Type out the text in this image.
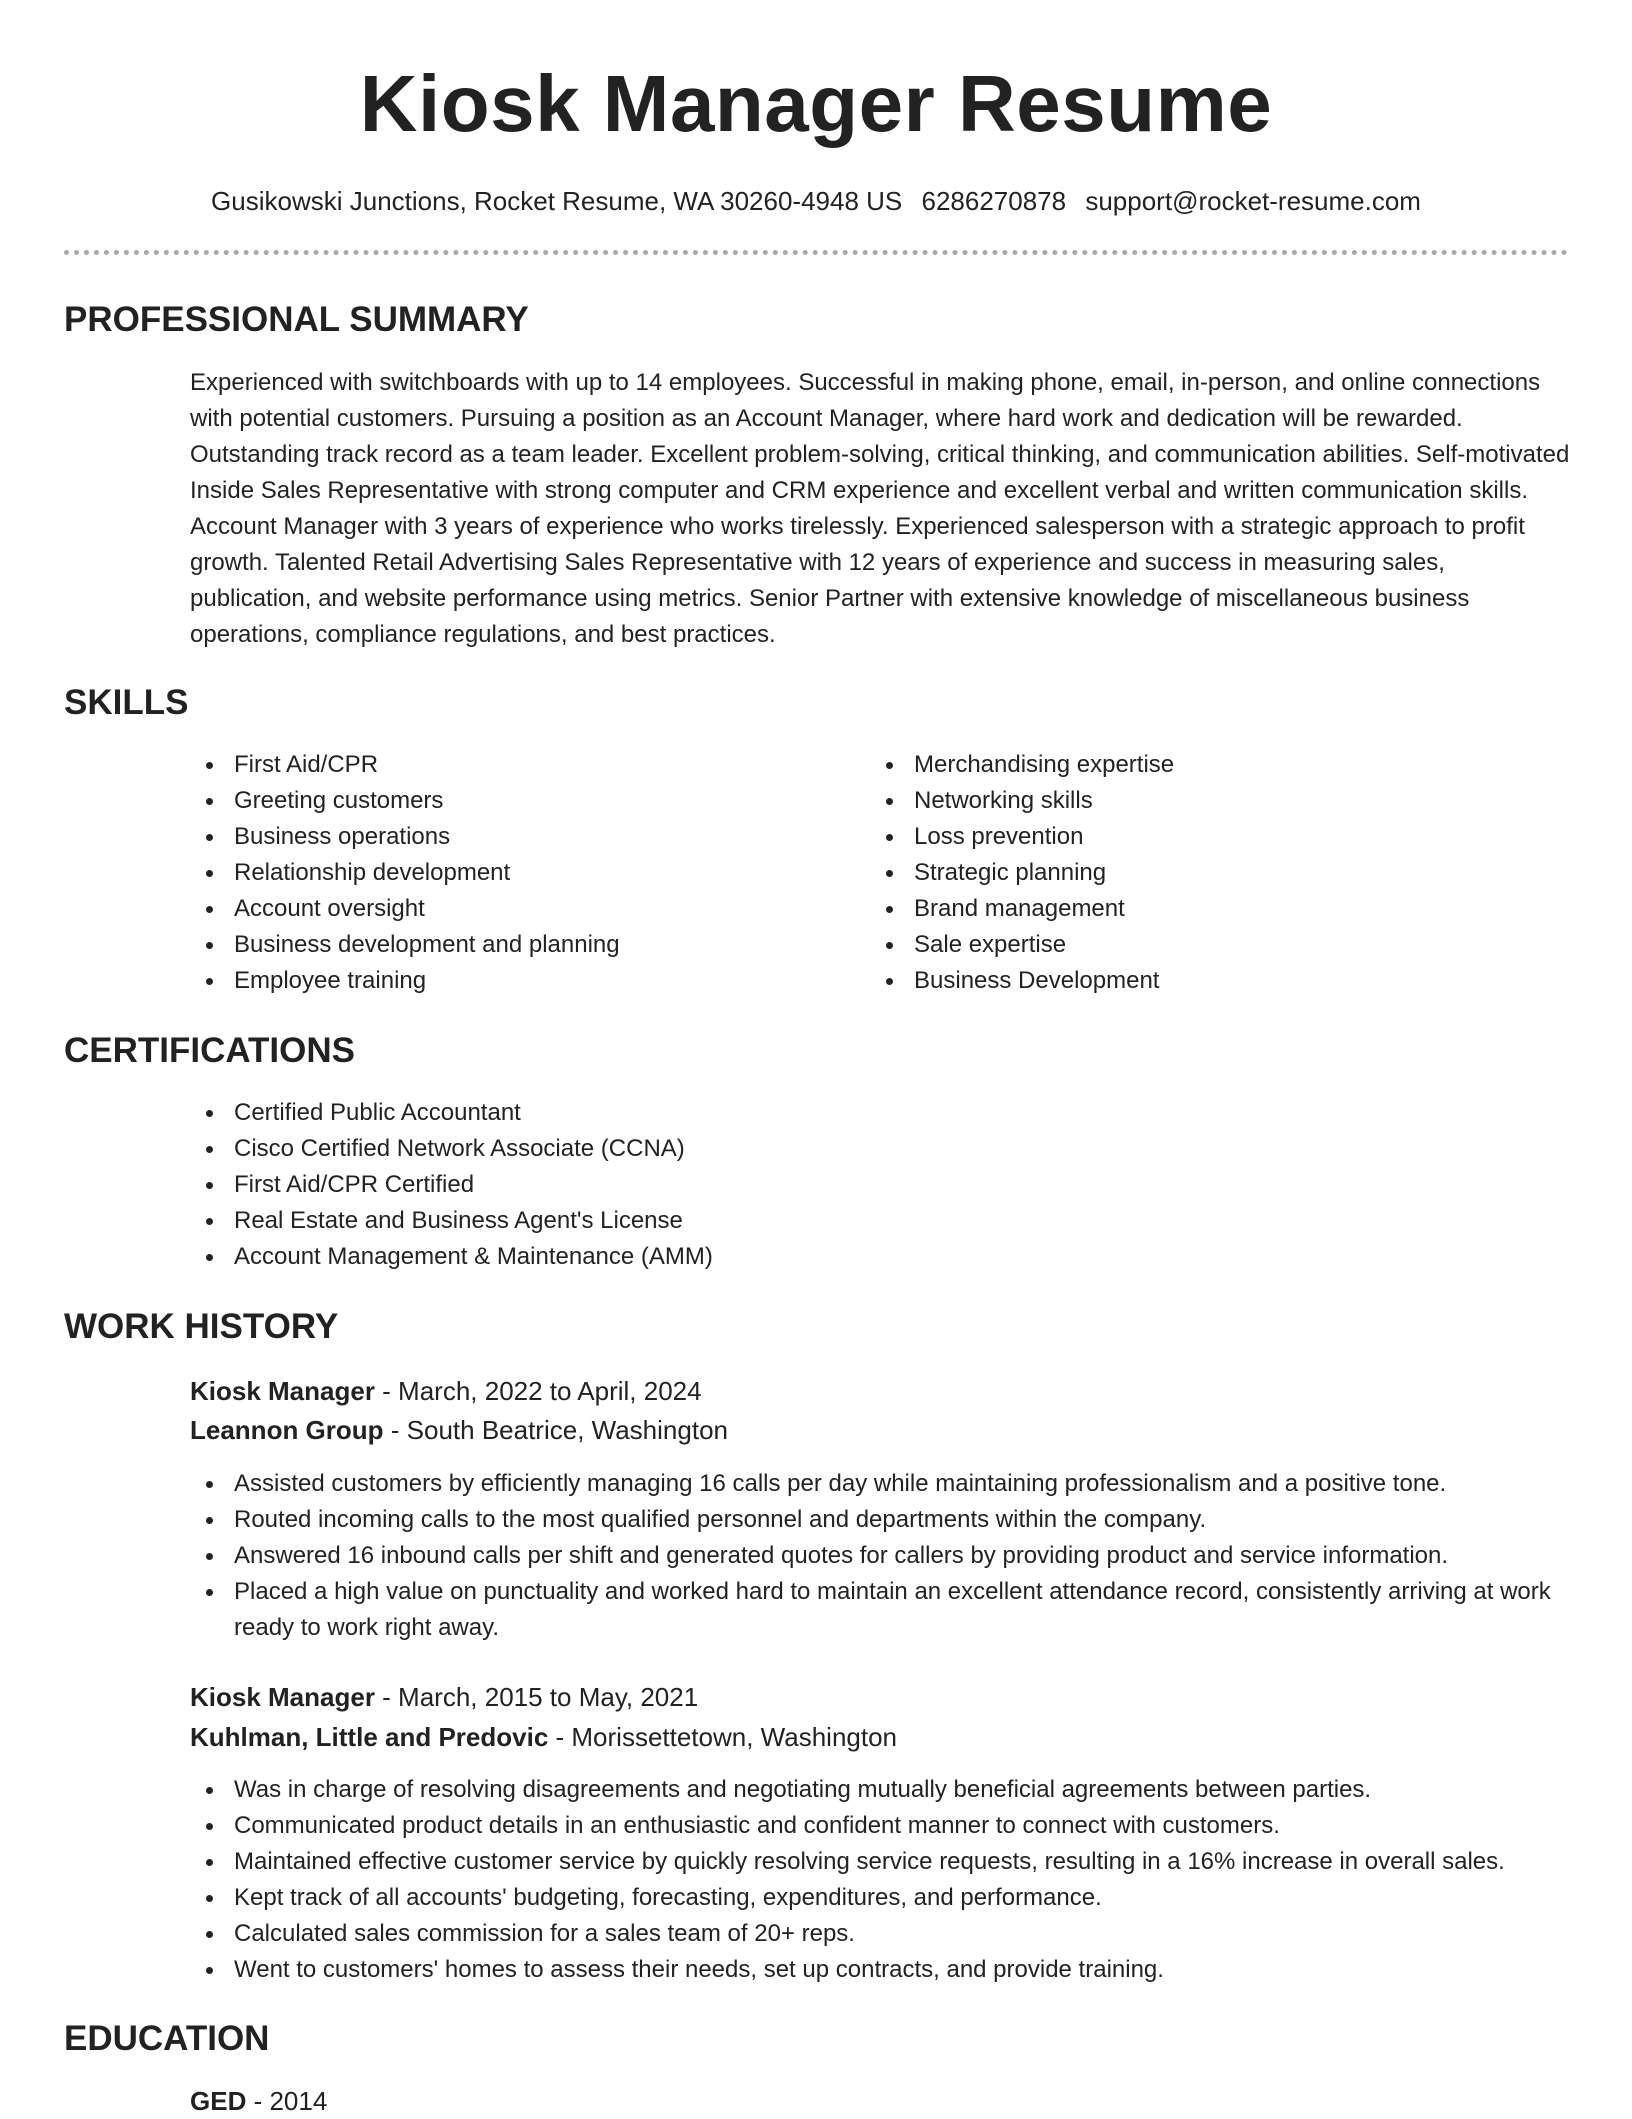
Kiosk Manager Resume
Gusikowski Junctions, Rocket Resume, WA 30260-4948 US 6286270878 support@rocket-resume.com
PROFESSIONAL SUMMARY

Experienced with switchboards with up to 14 employees. Successful in making phone, email, in-person, and online connections with potential customers. Pursuing a position as an Account Manager, where hard work and dedication will be rewarded. Outstanding track record as a team leader. Excellent problem-solving, critical thinking, and communication abilities. Self-motivated Inside Sales Representative with strong computer and CRM experience and excellent verbal and written communication skills. Account Manager with 3 years of experience who works tirelessly. Experienced salesperson with a strategic approach to profit growth. Talented Retail Advertising Sales Representative with 12 years of experience and success in measuring sales, publication, and website performance using metrics. Senior Partner with extensive knowledge of miscellaneous business operations, compliance regulations, and best practices.

SKILLS
First Aid/CPR
Greeting customers
Business operations
Relationship development
Account oversight
Business development and planning
Employee training
Merchandising expertise
Networking skills
Loss prevention
Strategic planning
Brand management
Sale expertise
Business Development
CERTIFICATIONS
Certified Public Accountant
Cisco Certified Network Associate (CCNA)
First Aid/CPR Certified
Real Estate and Business Agent's License
Account Management & Maintenance (AMM)
WORK HISTORY

Kiosk Manager - March, 2022 to April, 2024

Leannon Group - South Beatrice, Washington

Assisted customers by efficiently managing 16 calls per day while maintaining professionalism and a positive tone.
Routed incoming calls to the most qualified personnel and departments within the company.
Answered 16 inbound calls per shift and generated quotes for callers by providing product and service information.
Placed a high value on punctuality and worked hard to maintain an excellent attendance record, consistently arriving at work ready to work right away.

Kiosk Manager - March, 2015 to May, 2021

Kuhlman, Little and Predovic - Morissettetown, Washington

Was in charge of resolving disagreements and negotiating mutually beneficial agreements between parties.
Communicated product details in an enthusiastic and confident manner to connect with customers.
Maintained effective customer service by quickly resolving service requests, resulting in a 16% increase in overall sales.
Kept track of all accounts' budgeting, forecasting, expenditures, and performance.
Calculated sales commission for a sales team of 20+ reps.
Went to customers' homes to assess their needs, set up contracts, and provide training.
EDUCATION

GED - 2014
